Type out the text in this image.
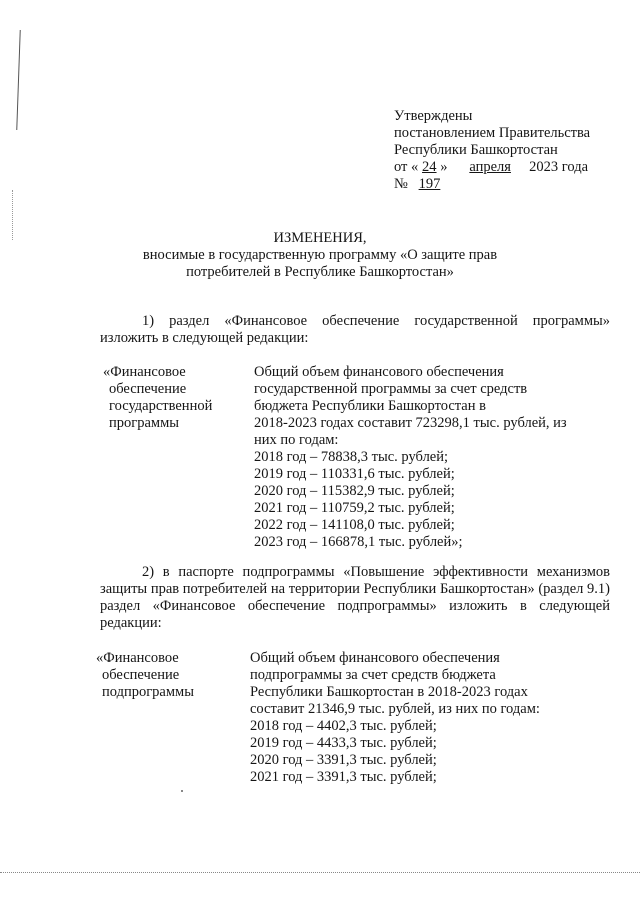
Утверждены
постановлением Правительства
Республики Башкортостан
от « 24 » апреля 2023 года
№ 197
ИЗМЕНЕНИЯ,
вносимые в государственную программу «О защите прав
потребителей в Республике Башкортостан»
1) раздел «Финансовое обеспечение государственной программы» изложить в следующей редакции:
«Финансовое
обеспечение
государственной
программы
Общий объем финансового обеспечения
государственной программы за счет средств
бюджета Республики Башкортостан в
2018-2023 годах составит 723298,1 тыс. рублей, из
них по годам:
2018 год – 78838,3 тыс. рублей;
2019 год – 110331,6 тыс. рублей;
2020 год – 115382,9 тыс. рублей;
2021 год – 110759,2 тыс. рублей;
2022 год – 141108,0 тыс. рублей;
2023 год – 166878,1 тыс. рублей»;
2) в паспорте подпрограммы «Повышение эффективности механизмов защиты прав потребителей на территории Республики Башкортостан» (раздел 9.1) раздел «Финансовое обеспечение подпрограммы» изложить в следующей редакции:
«Финансовое
обеспечение
подпрограммы
Общий объем финансового обеспечения
подпрограммы за счет средств бюджета
Республики Башкортостан в 2018-2023 годах
составит 21346,9 тыс. рублей, из них по годам:
2018 год – 4402,3 тыс. рублей;
2019 год – 4433,3 тыс. рублей;
2020 год – 3391,3 тыс. рублей;
2021 год – 3391,3 тыс. рублей;
